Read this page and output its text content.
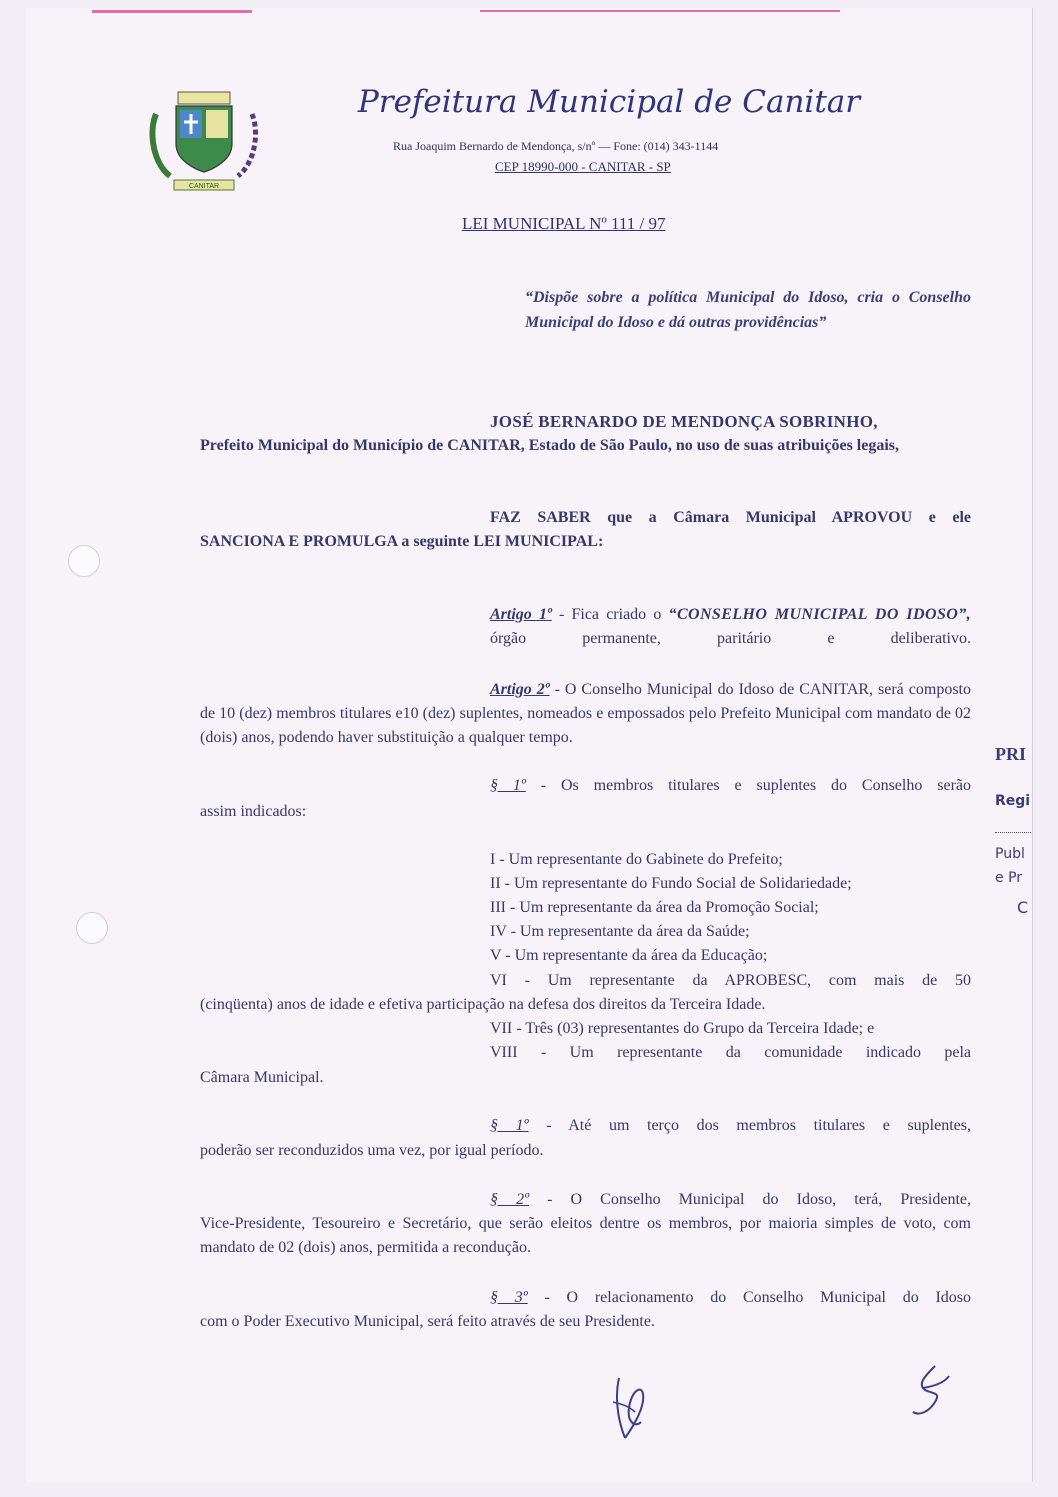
CANITAR
Prefeitura Municipal de Canitar
Rua Joaquim Bernardo de Mendonça, s/nº — Fone: (014) 343-1144
CEP 18990-000 - CANITAR - SP
LEI MUNICIPAL Nº 111 / 97
“Dispõe sobre a política Municipal do Idoso, cria o Conselho Municipal do Idoso e dá outras providências”
JOSÉ BERNARDO DE MENDONÇA SOBRINHO,
Prefeito Municipal do Município de CANITAR, Estado de São Paulo, no uso de suas atribuições legais,
FAZ SABER que a Câmara Municipal APROVOU e ele
SANCIONA E PROMULGA a seguinte LEI MUNICIPAL:
Artigo 1º - Fica criado o “CONSELHO MUNICIPAL DO IDOSO”, órgão permanente, paritário e deliberativo.
Artigo 2º - O Conselho Municipal do Idoso de CANITAR, será composto de 10 (dez) membros titulares e10 (dez) suplentes, nomeados e empossados pelo Prefeito Municipal com mandato de 02 (dois) anos, podendo haver substituição a qualquer tempo.
§ 1º - Os membros titulares e suplentes do Conselho serão
assim indicados:
I - Um representante do Gabinete do Prefeito;
II - Um representante do Fundo Social de Solidariedade;
III - Um representante da área da Promoção Social;
IV - Um representante da área da Saúde;
V - Um representante da área da Educação;
VI - Um representante da APROBESC, com mais de 50
(cinqüenta) anos de idade e efetiva participação na defesa dos direitos da Terceira Idade.
VII - Três (03) representantes do Grupo da Terceira Idade; e
VIII - Um representante da comunidade indicado pela
Câmara Municipal.
§ 1º - Até um terço dos membros titulares e suplentes,
poderão ser reconduzidos uma vez, por igual período.
§ 2º - O Conselho Municipal do Idoso, terá, Presidente,
Vice-Presidente, Tesoureiro e Secretário, que serão eleitos dentre os membros, por maioria simples de voto, com mandato de 02 (dois) anos, permitida a recondução.
§ 3º - O relacionamento do Conselho Municipal do Idoso
com o Poder Executivo Municipal, será feito através de seu Presidente.
PRI
Regi
Publ
e Pr
C
